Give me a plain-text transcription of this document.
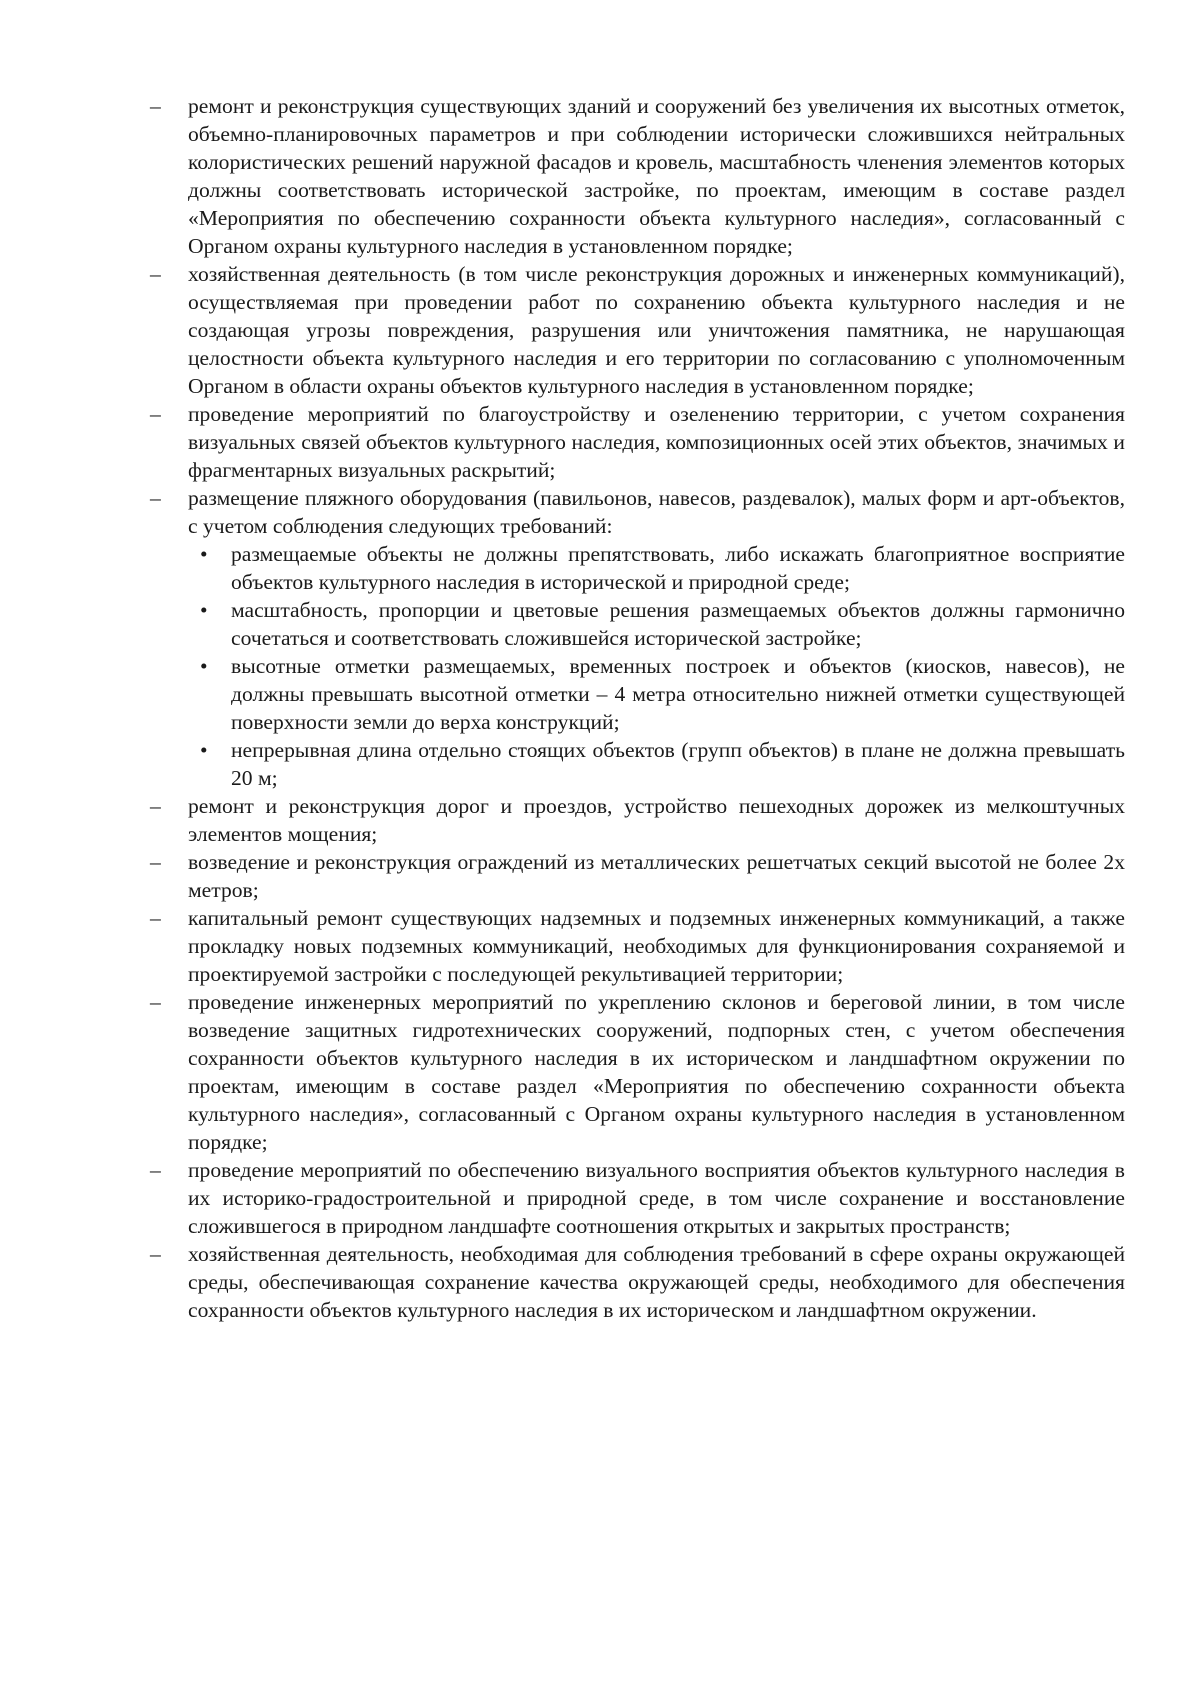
–	ремонт и реконструкция существующих зданий и сооружений без увеличения их высотных отметок, объемно-планировочных параметров и при соблюдении исторически сложившихся нейтральных колористических решений наружной фасадов и кровель, масштабность членения элементов которых должны соответствовать исторической застройке, по проектам, имеющим в составе раздел «Мероприятия по обеспечению сохранности объекта культурного наследия», согласованный с Органом охраны культурного наследия в установленном порядке;
–	хозяйственная деятельность (в том числе реконструкция дорожных и инженерных коммуникаций), осуществляемая при проведении работ по сохранению объекта культурного наследия и не создающая угрозы повреждения, разрушения или уничтожения памятника, не нарушающая целостности объекта культурного наследия и его территории по согласованию с уполномоченным Органом в области охраны объектов культурного наследия в установленном порядке;
–	проведение мероприятий по благоустройству и озеленению территории, с учетом сохранения визуальных связей объектов культурного наследия, композиционных осей этих объектов, значимых и фрагментарных визуальных раскрытий;
–	размещение пляжного оборудования (павильонов, навесов, раздевалок), малых форм и арт-объектов, с учетом соблюдения следующих требований:
•	размещаемые объекты не должны препятствовать, либо искажать благоприятное восприятие объектов культурного наследия в исторической и природной среде;
•	масштабность, пропорции и цветовые решения размещаемых объектов должны гармонично сочетаться и соответствовать сложившейся исторической застройке;
•	высотные отметки размещаемых, временных построек и объектов (киосков, навесов), не должны превышать высотной отметки – 4 метра относительно нижней отметки существующей поверхности земли до верха конструкций;
•	непрерывная длина отдельно стоящих объектов (групп объектов) в плане не должна превышать 20 м;
–	ремонт и реконструкция дорог и проездов, устройство пешеходных дорожек из мелкоштучных элементов мощения;
–	возведение и реконструкция ограждений из металлических решетчатых секций высотой не более 2х метров;
–	капитальный ремонт существующих надземных и подземных инженерных коммуникаций, а также прокладку новых подземных коммуникаций, необходимых для функционирования сохраняемой и проектируемой застройки с последующей рекультивацией территории;
–	проведение инженерных мероприятий по укреплению склонов и береговой линии, в том числе возведение защитных гидротехнических сооружений, подпорных стен, с учетом обеспечения сохранности объектов культурного наследия в их историческом и ландшафтном окружении по проектам, имеющим в составе раздел «Мероприятия по обеспечению сохранности объекта культурного наследия», согласованный с Органом охраны культурного наследия в установленном порядке;
–	проведение мероприятий по обеспечению визуального восприятия объектов культурного наследия в их историко-градостроительной и природной среде, в том числе сохранение и восстановление сложившегося в природном ландшафте соотношения открытых и закрытых пространств;
–	хозяйственная деятельность, необходимая для соблюдения требований в сфере охраны окружающей среды, обеспечивающая сохранение качества окружающей среды, необходимого для обеспечения сохранности объектов культурного наследия в их историческом и ландшафтном окружении.
